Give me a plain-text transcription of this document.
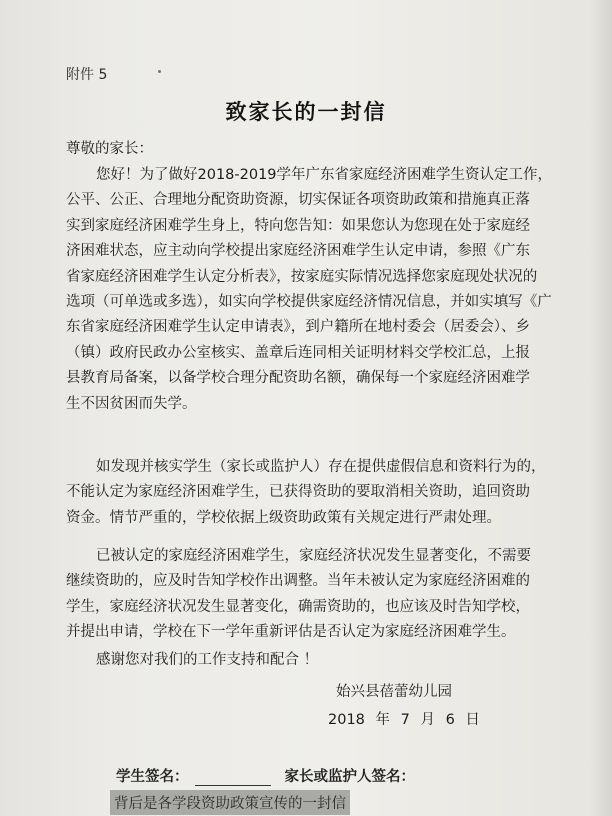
附件 5
致家长的一封信
尊敬的家长：
您好！为了做好2018-2019学年广东省家庭经济困难学生资认定工作，
公平、公正、合理地分配资助资源，切实保证各项资助政策和措施真正落
实到家庭经济困难学生身上，特向您告知：如果您认为您现在处于家庭经
济困难状态，应主动向学校提出家庭经济困难学生认定申请，参照《广东
省家庭经济困难学生认定分析表》，按家庭实际情况选择您家庭现处状况的
选项（可单选或多选），如实向学校提供家庭经济情况信息，并如实填写《广
东省家庭经济困难学生认定申请表》，到户籍所在地村委会（居委会）、乡
（镇）政府民政办公室核实、盖章后连同相关证明材料交学校汇总，上报
县教育局备案，以备学校合理分配资助名额，确保每一个家庭经济困难学
生不因贫困而失学。
如发现并核实学生（家长或监护人）存在提供虚假信息和资料行为的，
不能认定为家庭经济困难学生，已获得资助的要取消相关资助，追回资助
资金。情节严重的，学校依据上级资助政策有关规定进行严肃处理。
已被认定的家庭经济困难学生，家庭经济状况发生显著变化，不需要
继续资助的，应及时告知学校作出调整。当年未被认定为家庭经济困难的
学生，家庭经济状况发生显著变化，确需资助的，也应该及时告知学校，
并提出申请，学校在下一学年重新评估是否认定为家庭经济困难学生。
感谢您对我们的工作支持和配合 ！
始兴县蓓蕾幼儿园
2018 年 7 月 6 日
学生签名：	家长或监护人签名：
背后是各学段资助政策宣传的一封信
